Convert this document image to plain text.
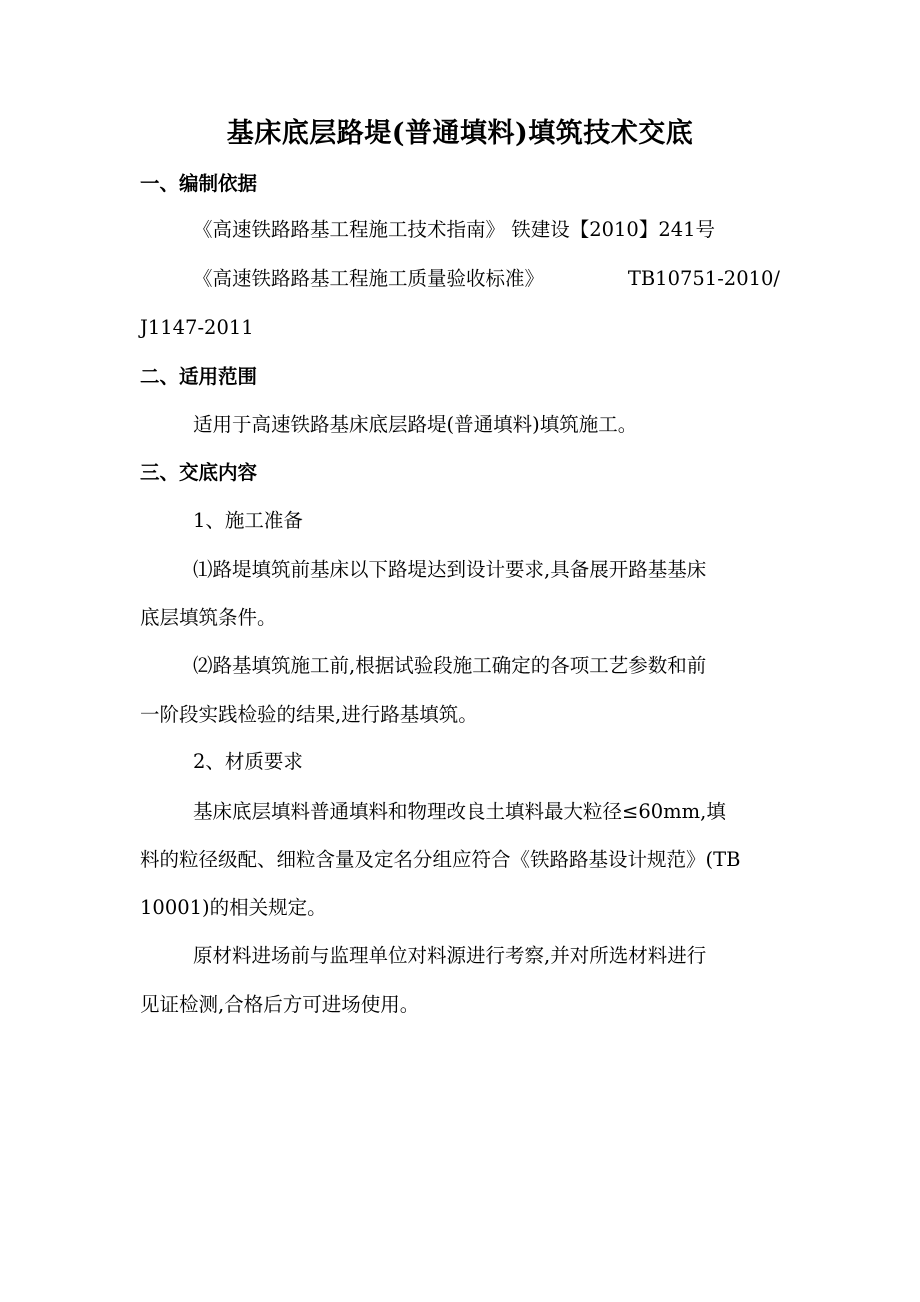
基床底层路堤(普通填料)填筑技术交底
一、编制依据
《高速铁路路基工程施工技术指南》 铁建设【2010】241号
《高速铁路路基工程施工质量验收标准》	TB10751-2010/
J1147-2011
二、适用范围
适用于高速铁路基床底层路堤(普通填料)填筑施工。
三、交底内容
1、施工准备
⑴路堤填筑前基床以下路堤达到设计要求,具备展开路基基床
底层填筑条件。
⑵路基填筑施工前,根据试验段施工确定的各项工艺参数和前
一阶段实践检验的结果,进行路基填筑。
2、材质要求
基床底层填料普通填料和物理改良土填料最大粒径≤60mm,填
料的粒径级配、细粒含量及定名分组应符合《铁路路基设计规范》(TB
10001)的相关规定。
原材料进场前与监理单位对料源进行考察,并对所选材料进行
见证检测,合格后方可进场使用。
